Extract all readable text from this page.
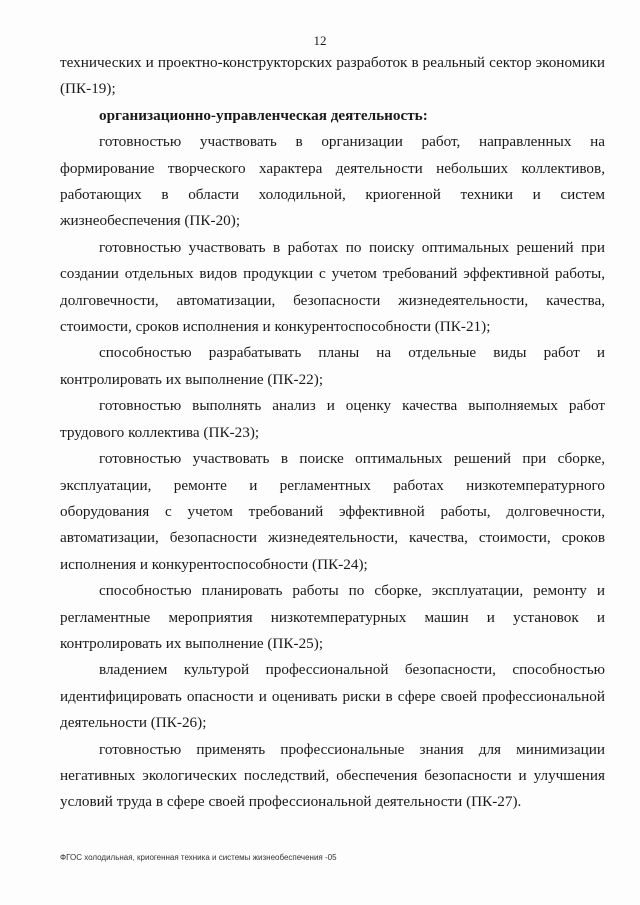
12

технических и проектно-конструкторских разработок в реальный сектор экономики (ПК-19);

организационно-управленческая деятельность:

готовностью участвовать в организации работ, направленных на формирование творческого характера деятельности небольших коллективов, работающих в области холодильной, криогенной техники и систем жизнеобеспечения (ПК-20);

готовностью участвовать в работах по поиску оптимальных решений при создании отдельных видов продукции с учетом требований эффективной работы, долговечности, автоматизации, безопасности жизнедеятельности, качества, стоимости, сроков исполнения и конкурентоспособности (ПК-21);

способностью разрабатывать планы на отдельные виды работ и контролировать их выполнение (ПК-22);

готовностью выполнять анализ и оценку качества выполняемых работ трудового коллектива (ПК-23);

готовностью участвовать в поиске оптимальных решений при сборке, эксплуатации, ремонте и регламентных работах низкотемпературного оборудования с учетом требований эффективной работы, долговечности, автоматизации, безопасности жизнедеятельности, качества, стоимости, сроков исполнения и конкурентоспособности (ПК-24);

способностью планировать работы по сборке, эксплуатации, ремонту и регламентные мероприятия низкотемпературных машин и установок и контролировать их выполнение (ПК-25);

владением культурой профессиональной безопасности, способностью идентифицировать опасности и оценивать риски в сфере своей профессиональной деятельности (ПК-26);

готовностью применять профессиональные знания для минимизации негативных экологических последствий, обеспечения безопасности и улучшения условий труда в сфере своей профессиональной деятельности (ПК-27).

ФГОС холодильная, криогенная техника и системы жизнеобеспечения -05
